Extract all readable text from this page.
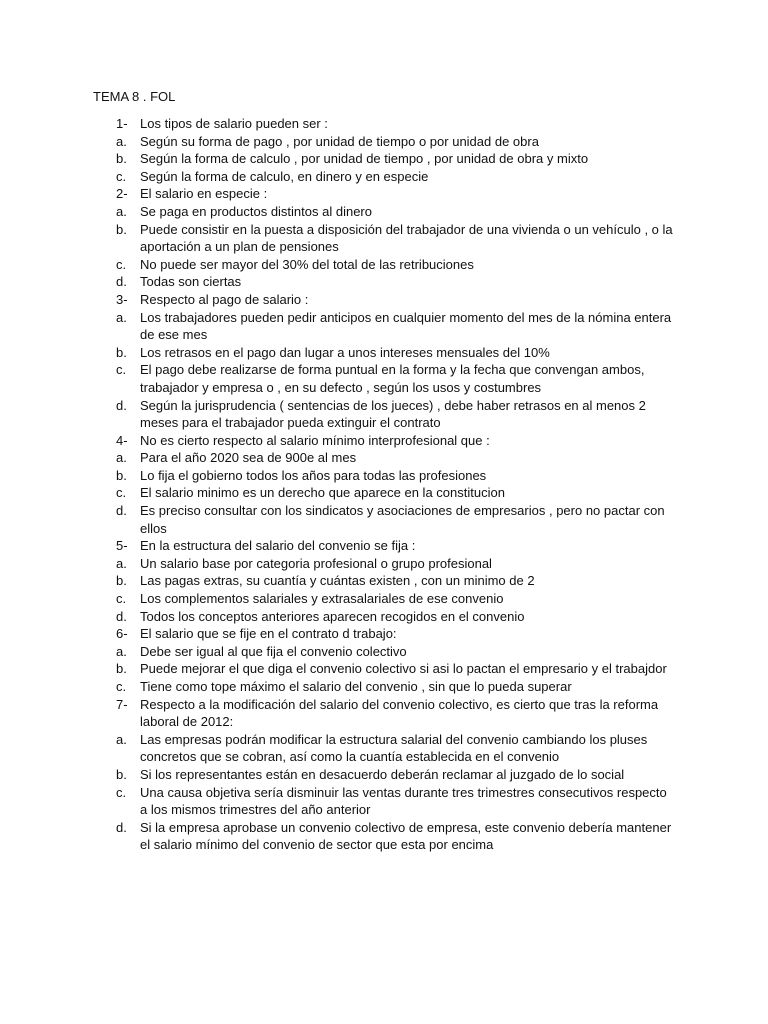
TEMA 8 . FOL
1- Los tipos de salario pueden ser :
a.	Según su forma de pago , por unidad de tiempo o por unidad de obra
b.	Según la forma de calculo , por unidad de tiempo , por unidad de obra y mixto
c.	Según la forma de calculo, en dinero y en especie
2- El salario en especie :
a.	Se paga en productos distintos al dinero
b.	Puede consistir en la puesta a disposición del trabajador de una vivienda o un vehículo , o la aportación a un plan de pensiones
c.	No puede ser mayor del 30% del total de las retribuciones
d.	Todas son ciertas
3- Respecto al pago de salario :
a.	Los trabajadores pueden pedir anticipos en cualquier momento del mes de la nómina entera de ese mes
b.	Los retrasos en el pago dan lugar a unos intereses mensuales del 10%
c.	El pago debe realizarse de forma puntual en la forma y la fecha que convengan ambos, trabajador y empresa o , en su defecto , según los usos y costumbres
d.	Según la jurisprudencia ( sentencias de los jueces) , debe haber retrasos en al menos 2 meses para el trabajador pueda extinguir el contrato
4- No es cierto respecto al salario mínimo interprofesional que :
a.	Para el año 2020 sea de 900e al mes
b.	Lo fija el gobierno todos los años para todas las profesiones
c.	El salario minimo es un derecho que aparece en la constitucion
d.	Es preciso consultar con los sindicatos y asociaciones de empresarios , pero no pactar con ellos
5- En la estructura del salario del convenio se fija :
a.	Un salario base por categoria profesional o grupo profesional
b.	Las pagas extras, su cuantía y cuántas existen , con un minimo de 2
c.	Los complementos salariales y extrasalariales de ese convenio
d.	Todos los conceptos anteriores aparecen recogidos en el convenio
6- El salario que se fije en el contrato d trabajo:
a.	Debe ser igual al que fija el convenio colectivo
b.	Puede mejorar el que diga el convenio colectivo si asi lo pactan el empresario y el trabajdor
c.	Tiene como tope máximo el salario del convenio , sin que lo pueda superar
7- Respecto a la modificación del salario del convenio colectivo, es cierto que tras la reforma laboral de 2012:
a.	Las empresas podrán modificar la estructura salarial del convenio cambiando los pluses concretos que se cobran, así como la cuantía establecida en el convenio
b.	Si los representantes están en desacuerdo deberán reclamar al juzgado de lo social
c.	Una causa objetiva sería disminuir las ventas durante tres trimestres consecutivos respecto a los mismos trimestres del año anterior
d.	Si la empresa aprobase un convenio colectivo de empresa, este convenio debería mantener el salario mínimo del convenio de sector que esta por encima
